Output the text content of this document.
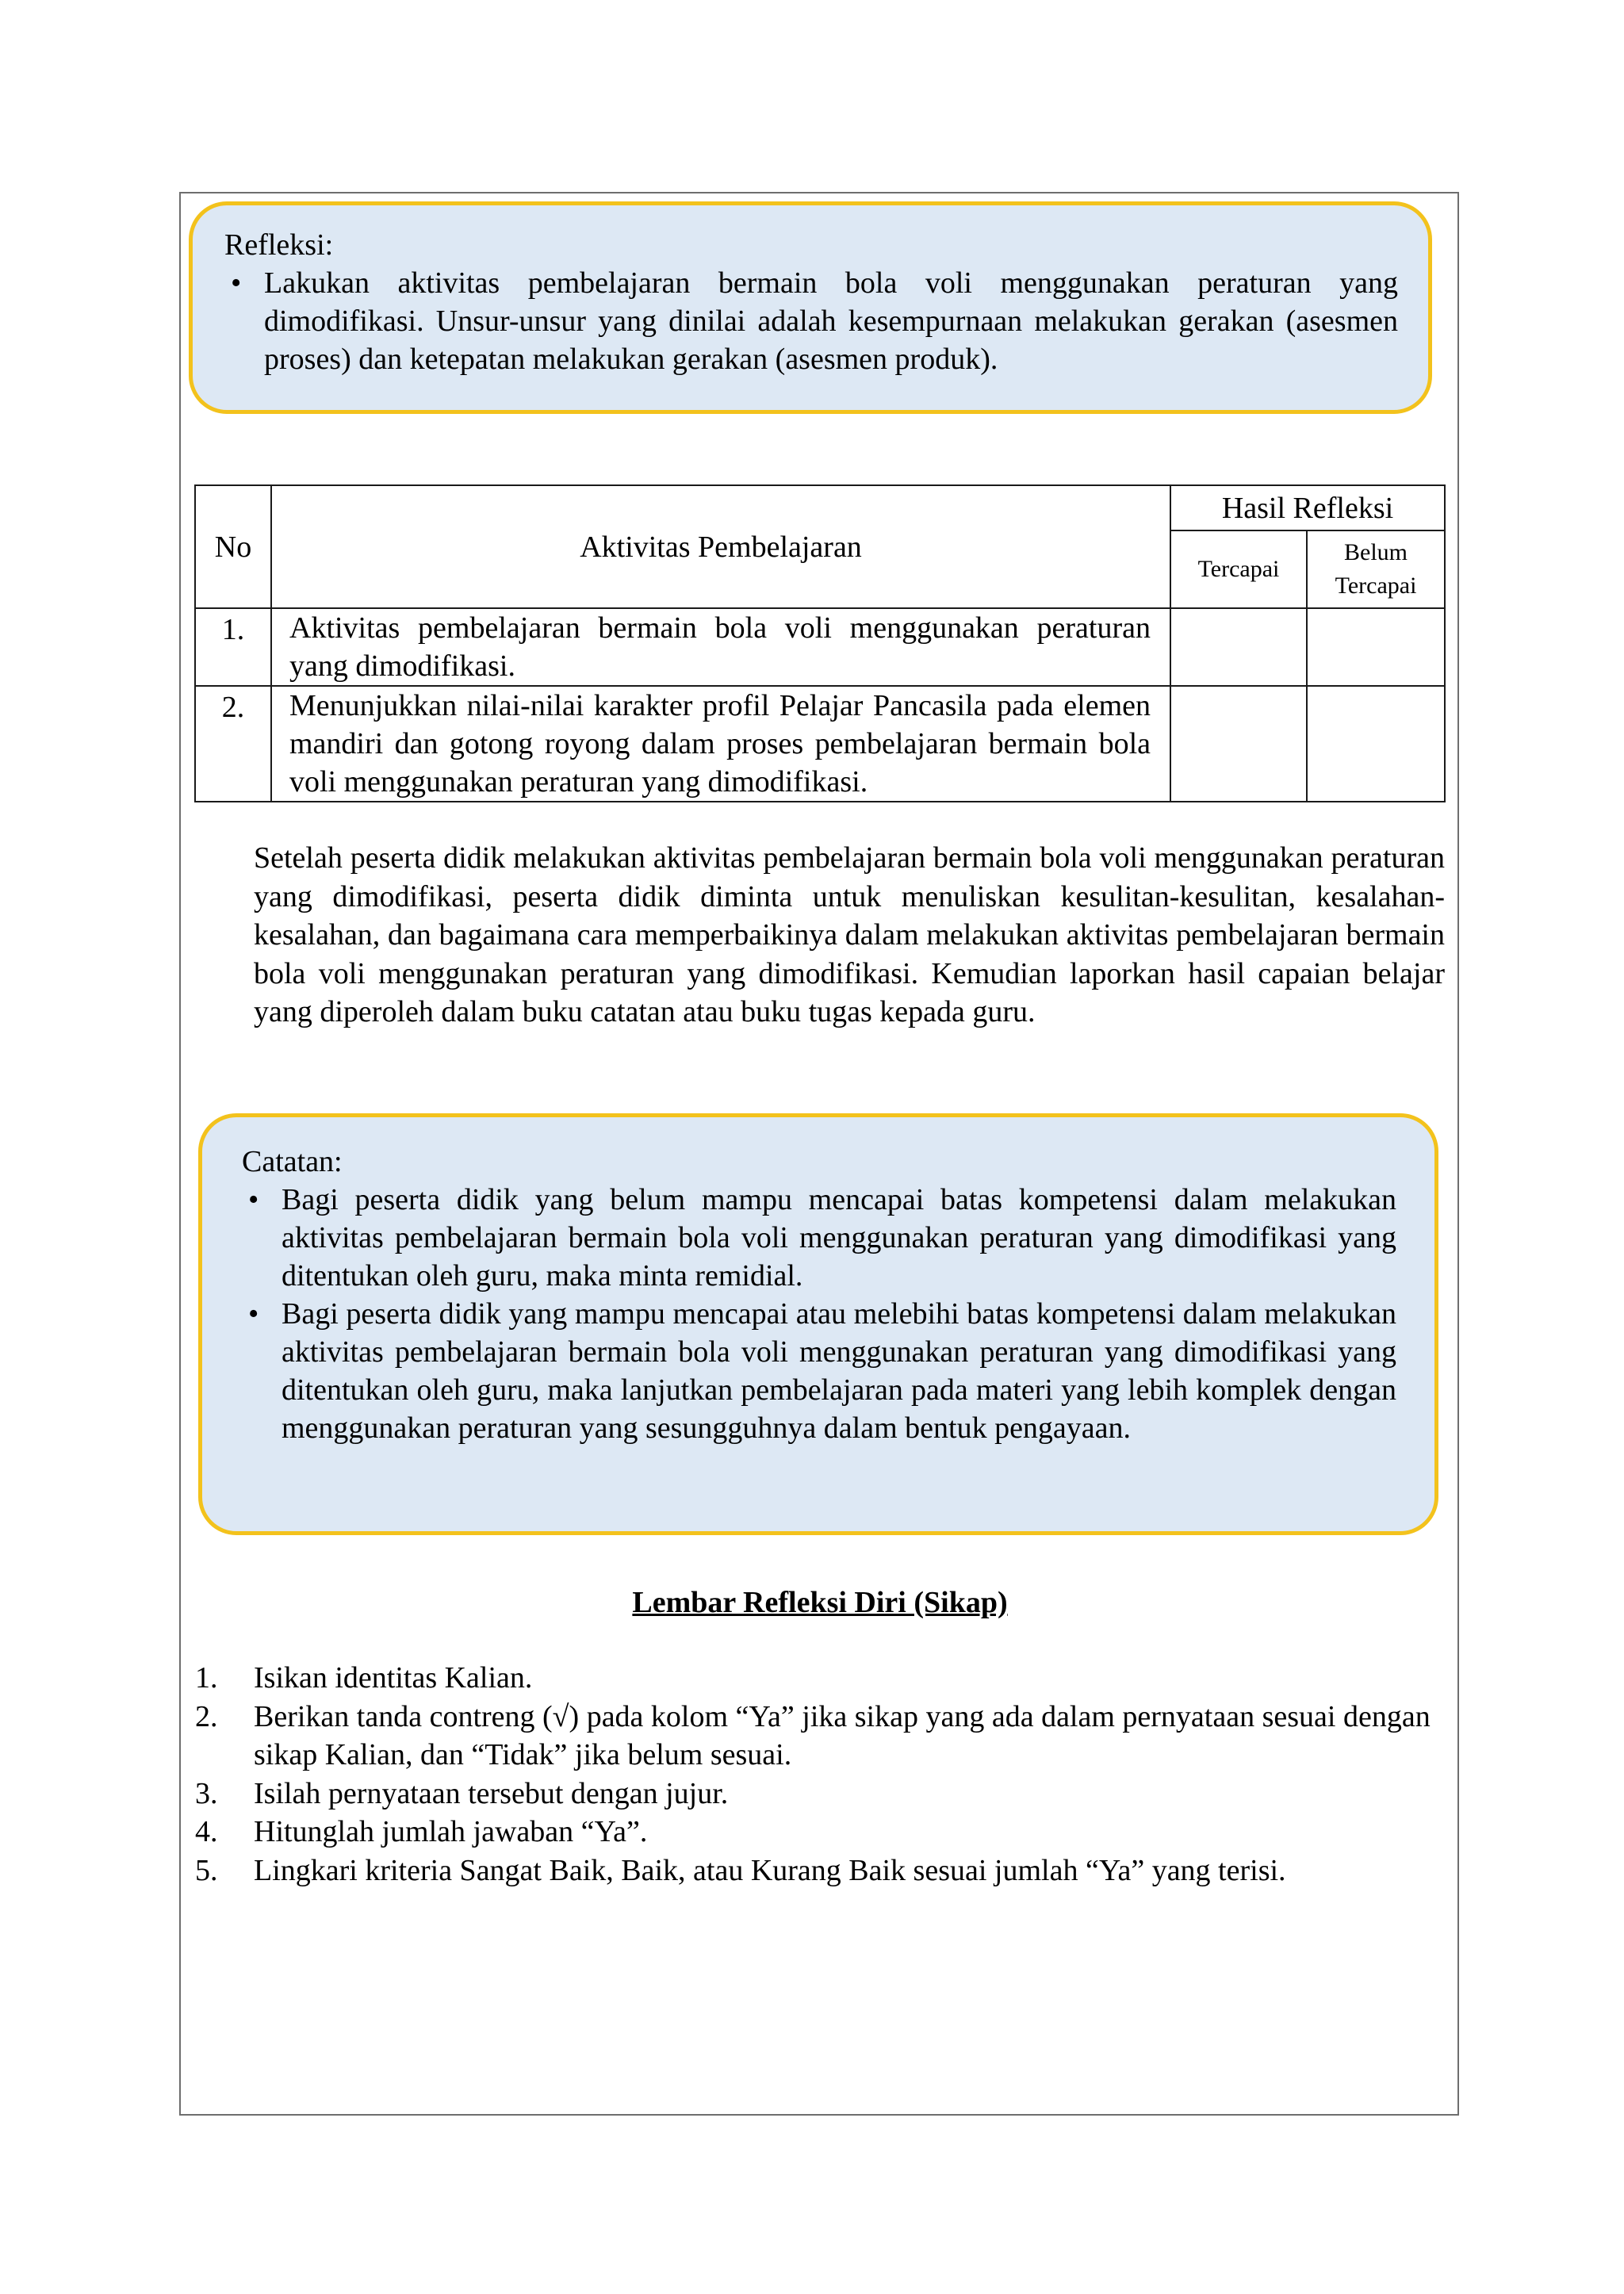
Refleksi:
• Lakukan aktivitas pembelajaran bermain bola voli menggunakan peraturan yang dimodifikasi. Unsur-unsur yang dinilai adalah kesempurnaan melakukan gerakan (asesmen proses) dan ketepatan melakukan gerakan (asesmen produk).
No	Aktivitas Pembelajaran	Hasil Refleksi	
		Tercapai	Belum
Tercapai
1.	Aktivitas pembelajaran bermain bola voli menggunakan peraturan yang dimodifikasi.		
2.	Menunjukkan nilai-nilai karakter profil Pelajar Pancasila pada elemen mandiri dan gotong royong dalam proses pembelajaran bermain bola voli menggunakan peraturan yang dimodifikasi.		

Setelah peserta didik melakukan aktivitas pembelajaran bermain bola voli menggunakan peraturan yang dimodifikasi, peserta didik diminta untuk menuliskan kesulitan-kesulitan, kesalahan-kesalahan, dan bagaimana cara memperbaikinya dalam melakukan aktivitas pembelajaran bermain bola voli menggunakan peraturan yang dimodifikasi. Kemudian laporkan hasil capaian belajar yang diperoleh dalam buku catatan atau buku tugas kepada guru.

Catatan:
• Bagi peserta didik yang belum mampu mencapai batas kompetensi dalam melakukan aktivitas pembelajaran bermain bola voli menggunakan peraturan yang dimodifikasi yang ditentukan oleh guru, maka minta remidial.
• Bagi peserta didik yang mampu mencapai atau melebihi batas kompetensi dalam melakukan aktivitas pembelajaran bermain bola voli menggunakan peraturan yang dimodifikasi yang ditentukan oleh guru, maka lanjutkan pembelajaran pada materi yang lebih komplek dengan menggunakan peraturan yang sesungguhnya dalam bentuk pengayaan.
Lembar Refleksi Diri (Sikap)
1. Isikan identitas Kalian.
2. Berikan tanda contreng (√) pada kolom “Ya” jika sikap yang ada dalam pernyataan sesuai dengan sikap Kalian, dan “Tidak” jika belum sesuai.
3. Isilah pernyataan tersebut dengan jujur.
4. Hitunglah jumlah jawaban “Ya”.
5. Lingkari kriteria Sangat Baik, Baik, atau Kurang Baik sesuai jumlah “Ya” yang terisi.
